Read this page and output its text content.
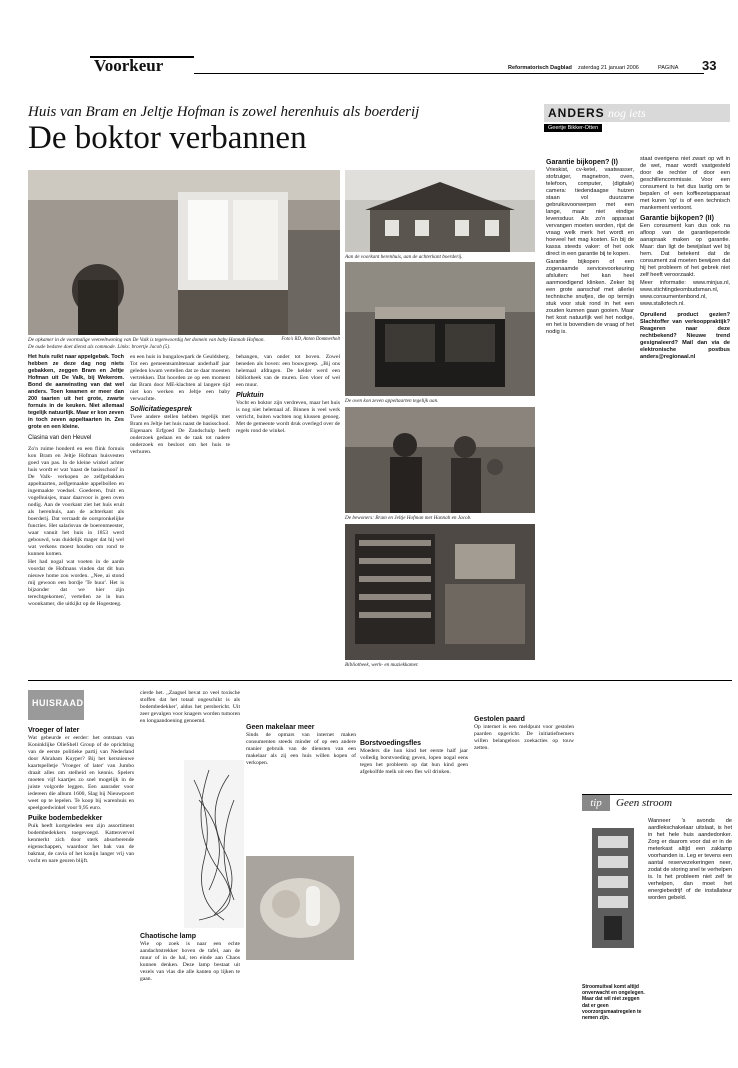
Voorkeur	Reformatorisch Dagblad zaterdag 21 januari 2006	PAGINA 33
Huis van Bram en Jeltje Hofman is zowel herenhuis als boerderij
De boktor verbannen
De opkamer in de voormalige veeteeltwoning van De Valk is tegenwoordig het domein van baby Hannah Hofman. De oude bedstee doet dienst als commode. Links: broertje Jacob (5).
Foto's RD, Anton Dommerholt
Aan de voorkant herenhuis, aan de achterkant boerderij.
De oven kon zeven appeltaarten tegelijk aan.
De bewoners: Bram en Jeltje Hofman met Hannah en Jacob.
Bibliotheek, werk- en muziekkamer.

Het huis ruikt naar appelgebak. Toch hebben ze deze dag nog niets gebakken, zeggen Bram en Jeltje Hofman uit De Valk, bij Wekerom. Bond de aanwinsting van dat wel anders. Toen kwamen er meer dan 200 taarten uit het grote, zwarte fornuis in de keuken. Niet allemaal tegelijk natuurlijk. Maar er kon zeven in toch zeven appeltaarten in. Zes grote en een kleine.

Clasina van den Heuvel

Zo'n ruime honderd en een flink fornuis kon Bram en Jeltje Hofman huisvesten goed van pas. In de kleine winkel achter huis wordt er wat 'naast de basisschool' in De Valk- verkopen ze zelfgebakken appeltaarten, zelfgemaakte appelbollen en ingemaakte voedsel. Goederen, fruit en vogelhuisjes, maar daarvoor is geen oven nodig. Aan de voorkant ziet het huis eruit als herenhuis, aan de achterkant als boerderij. Dat verraadt de oorspronkelijke functies. Het salarisvan de boerenmeester, waar vanuit het huis in 1853 werd gebouwd, was duidelijk mager dat hij wel wat verkens moest houden om rond te kunnen komen.

Het had nogal wat voeten in de aarde voordat de Hofmans vinden dat dit hun nieuwe home zou worden. ,,Nee, ai stond mij gewoon een bordje 'Te huur'. Het is bijzonder dat we hier zijn terechtgekomen', vertellen ze in hun woonkamer, die uitkijkt op de Hogesteeg.

en een huis in bungalowpark de Geuldsberg. Tot een gemeentsambtenaar anderhalf jaar geleden kwam vertellen dat ze daar moesten vertrekken. Dat hoorden ze op een moment dat Bram door ME-klachten al langere tijd niet kon werken en Jeltje een baby verwachtte.

Sollicitatiegesprek

Twee andere stellen hebben tegelijk met Bram en Jeltje het huis naast de basisschool. Eigenaars Erfgoed De Zandschulp heeft onderzoek gedaan en de taak tot nadere onderzoek en besloot om het huis te verhuren.

behangen, van onder tot boven. Zowel beneden als boven: een bouwgreep. ,,Bij ons helemaal afdragen. De kelder werd een bibliotheek van de muren. Een vloer of wel een muur.

Pluktuin

Vocht en boktor zijn verdreven, maar het huis is nog niet helemaal af. Binnen is veel werk verricht, buiten wachten nog klussen genoeg. Met de gemeente wordt druk overlegd over de regels rond de winkel.

ANDERS nog iets
Geertje Bikker-Otten
Garantie bijkopen? (I)

Vrieskist, cv-ketel, vaatwasser, stofzuiger, magnetron, oven, telefoon, computer, (digitale) camera: tiedendaagse huizen staan vol duurzame gebruiksvoorwerpen met een lange, maar niet eindige levensduur. Als zo'n apparaat vervangen moeten worden, rijst de vraag welk merk het wordt en hoeveel het mag kosten. En bij de kassa steeds vaker: of het ook direct in een garantie bij te kopen.

Garantie bijkopen of een zogenaamde servicevoorkeuring afsluiten: het kan heel aanmoedigend klinken. Zeker bij een grote aanschaf met allerlei technische snufjes, die op termijn stuk voor stuk rond in het een zouden kunnen gaan gooien. Maar het kost natuurlijk wel het nodige, en het is bovendien de vraag of het nodig is.

staat overigens niet zwart op wit in de wet, maar wordt vastgesteld door de rechter of door een geschillencommissie. Voor een consument is het dus lastig om te bepalen of een koffiezetapparaat met kuren 'op' is of een technisch mankement vertoont.

Garantie bijkopen? (II)

Een consument kan dus ook na afloop van de garantieperiode aanspraak maken op garantie. Maar: dan ligt de bewijslast wel bij hem. Dat betekent dat de consument zal moeten bewijzen dat hij het probleem of het gebrek niet zelf heeft veroorzaakt.

Meer informatie: www.minjus.nl, www.stichtingdeombudsman.nl, www.consumentenbond.nl, www.stalkrtech.nl.

Opruilend product gezien? Slachtoffer van verkooppraktijk? Reageren naar deze rechtbekend? Nieuwe trend gesignaleerd? Mail dan via de elektronische postbus anders@regionaal.nl

HUISRAAD
Vroeger of later

Wat gebeurde er eerder: het ontstaan van Koninklijke OlieShell Group of de oprichting van de eerste politieke partij van Nederland door Abraham Kuyper? Bij het kersnieuwe kaartspelletje 'Vroeger of later' van Jumbo draait alles om stelheid en kennis. Spelers moeten vijf kaartjes zo snel mogelijk in de juiste volgorde leggen. Een aanrader voor iedereen die album 1600, Slag bij Nieuwpoort weet op te lepelen. Te koop bij warenhuis en speelgoedwinkel voor 9,95 euro.

Puike bodembedekker

Puik heeft kortgeleden een zijn assortiment bodembedekkers toegevoegd. Kattenvervel kenmerkt zich door sterk absorberende eigenschappen, waardoor het bak van de bakmat, de cavia of het konijn langer vrij van vocht en nare geuren blijft.

cierde het. ,,Zaagsel bevat zo veel toxische stoffen dat het totaal ongeschikt is als bodembedekker', aldus het persbericht. Uit zeer gevalgen voor knagers worden tumoren en longaandoening genoemd.

Chaotische lamp

Wie op zoek is naar een echte aandachtstrekker boven de tafel, aan de muur of in de hal, ten einde aan Chaos kunnen denken. Deze lamp bestaat uit vezels van vlas die alle kanten op lijken te gaan.

Geen makelaar meer

Sinds de opmars van internet maken consumenten steeds minder of op een andere manier gebruik van de diensten van een makelaar als zij een huis willen kopen of verkopen.

Borstvoedingsfles

Moeders die hun kind het eerste half jaar volledig borstvoeding geven, lopen nogal eens tegen het probleem op dat hun kind geen afgekolfde melk uit een fles wil drinken.

Gestolen paard

Op internet is een meldpunt voor gestolen paarden opgericht. De initiatiefnemers willen belangeloos zoekacties op touw zetten.

tip	Geen stroom

Wanneer 's avonds de aardlekschakelaar uitslaat, is het in het hele huis aandedonker. Zorg er daarom voor dat er in de meterkast altijd een zaklamp voorhanden is. Leg er tevens een aantal reservezekeringen neer, zodat de storing snel te verhelpen is. Is het probleem niet zelf te verhelpen, dan moet het energiebedrijf of de installateur worden gebeld.

Stroomuitval komt altijd onverwacht en ongelegen. Maar dat wil niet zeggen dat er geen voorzorgsmaatregelen te nemen zijn.
